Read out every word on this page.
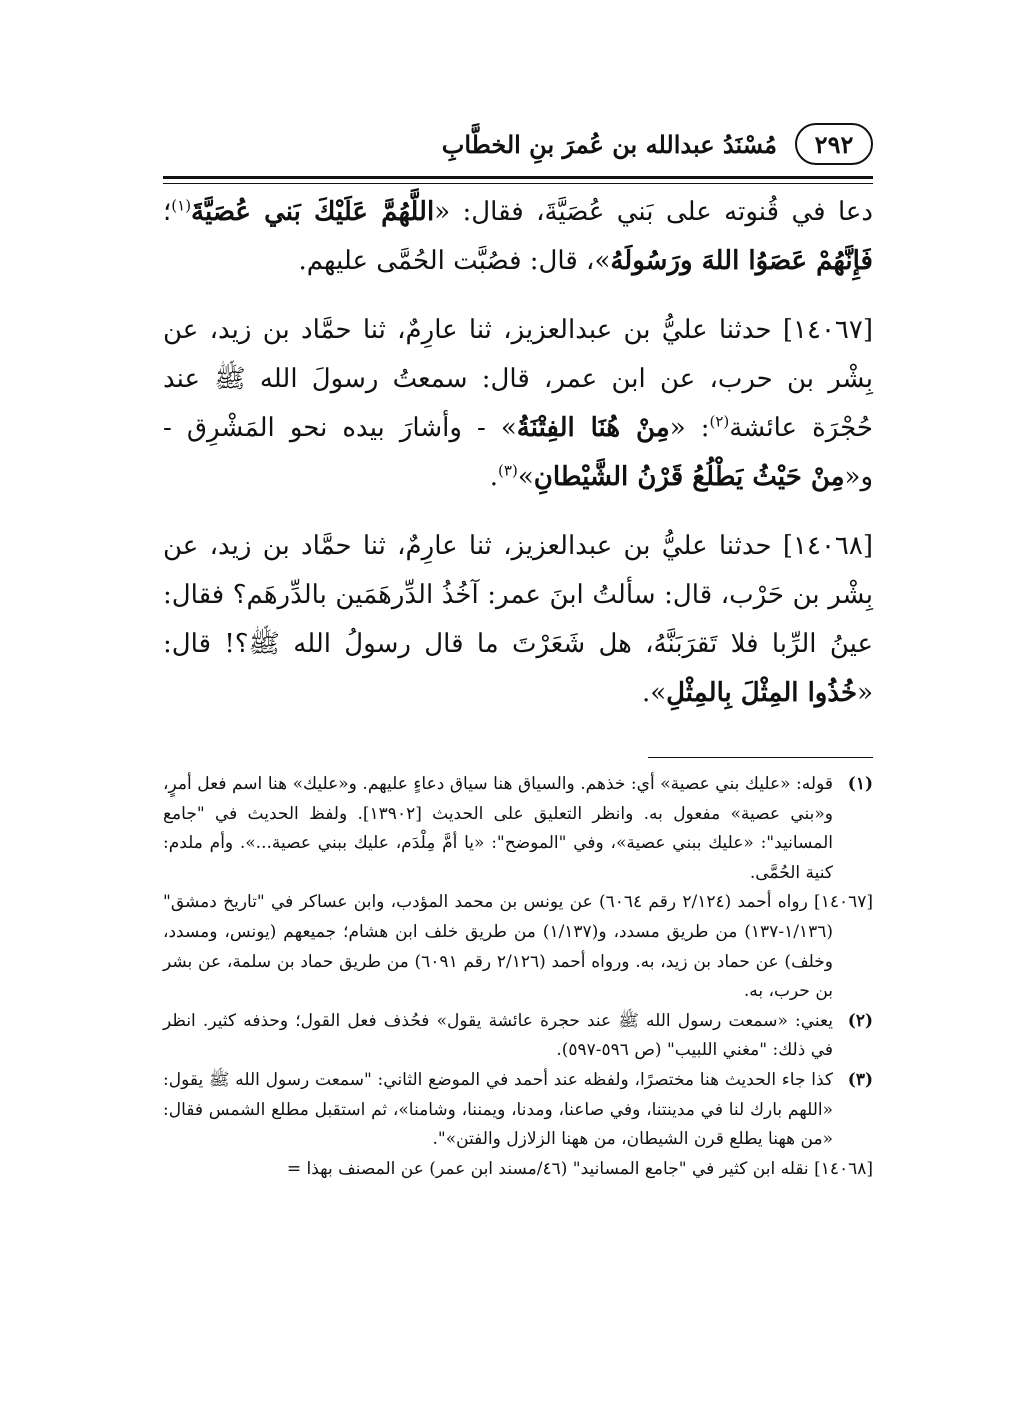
٢٩٢
مُسْنَدُ عبدالله بن عُمرَ بنِ الخطَّابِ

دعا في قُنوته على بَني عُصَيَّةَ، فقال: «اللَّهُمَّ عَلَيْكَ بَني عُصَيَّةَ$^{(١)}$؛ فَإِنَّهُمْ عَصَوُا اللهَ ورَسُولَهُ»، قال: فصُبَّت الحُمَّى عليهم.

[١٤٠٦٧] حدثنا عليُّ بن عبدالعزيز، ثنا عارِمٌ، ثنا حمَّاد بن زيد، عن بِشْر بن حرب، عن ابن عمر، قال: سمعتُ رسولَ الله ﷺ عند حُجْرَة عائشة$^{(٢)}$: «مِنْ هُنَا الفِتْنَةُ» - وأشارَ بيده نحو المَشْرِق - و«مِنْ حَيْثُ يَطْلُعُ قَرْنُ الشَّيْطانِ»$^{(٣)}$.

[١٤٠٦٨] حدثنا عليُّ بن عبدالعزيز، ثنا عارِمٌ، ثنا حمَّاد بن زيد، عن بِشْر بن حَرْب، قال: سألتُ ابنَ عمر: آخُذُ الدِّرهَمَين بالدِّرهَم؟ فقال: عينُ الرِّبا فلا تَقرَبَنَّهُ، هل شَعَرْتَ ما قال رسولُ الله ﷺ؟! قال: «خُذُوا المِثْلَ بِالمِثْلِ».

(١)
قوله: «عليك بني عصية» أي: خذهم. والسياق هنا سياق دعاءٍ عليهم. و«عليك» هنا اسم فعل أمرٍ، و«بني عصية» مفعول به. وانظر التعليق على الحديث [١٣٩٠٢]. ولفظ الحديث في "جامع المسانيد": «عليك ببني عصية»، وفي "الموضح": «يا أمَّ مِلْدَم، عليك ببني عصية...». وأم ملدم: كنية الحُمَّى.
[١٤٠٦٧] رواه أحمد (٢/١٢٤ رقم ٦٠٦٤) عن يونس بن محمد المؤدب، وابن عساكر في "تاريخ دمشق" (١/١٣٦-١٣٧) من طريق مسدد، و(١/١٣٧) من طريق خلف ابن هشام؛ جميعهم (يونس، ومسدد، وخلف) عن حماد بن زيد، به. ورواه أحمد (٢/١٢٦ رقم ٦٠٩١) من طريق حماد بن سلمة، عن بشر بن حرب، به.
(٢)
يعني: «سمعت رسول الله ﷺ عند حجرة عائشة يقول» فحُذف فعل القول؛ وحذفه كثير. انظر في ذلك: "مغني اللبيب" (ص ٥٩٦-٥٩٧).
(٣)
كذا جاء الحديث هنا مختصرًا، ولفظه عند أحمد في الموضع الثاني: "سمعت رسول الله ﷺ يقول: «اللهم بارك لنا في مدينتنا، وفي صاعنا، ومدنا، ويمننا، وشامنا»، ثم استقبل مطلع الشمس فقال: «من ههنا يطلع قرن الشيطان، من ههنا الزلازل والفتن»".
[١٤٠٦٨] نقله ابن كثير في "جامع المسانيد" (٤٦/مسند ابن عمر) عن المصنف بهذا =
